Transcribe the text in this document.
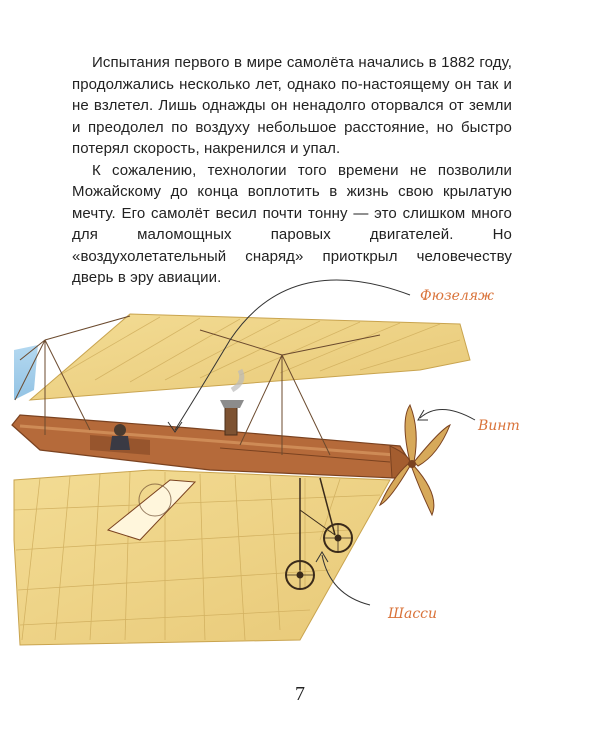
Испытания первого в мире самолёта начались в 1882 году, продолжались несколько лет, однако по-настоящему он так и не взлетел. Лишь однажды он ненадолго оторвался от земли и преодолел по воздуху небольшое расстояние, но быстро потерял скорость, накренился и упал.

К сожалению, технологии того времени не позволили Можайскому до конца воплотить в жизнь свою крылатую мечту. Его самолёт весил почти тонну — это слишком много для маломощных паровых двигателей. Но «воздухолетательный снаряд» приоткрыл человечеству дверь в эру авиации.

Фюзеляж
Винт
Шасси
7
